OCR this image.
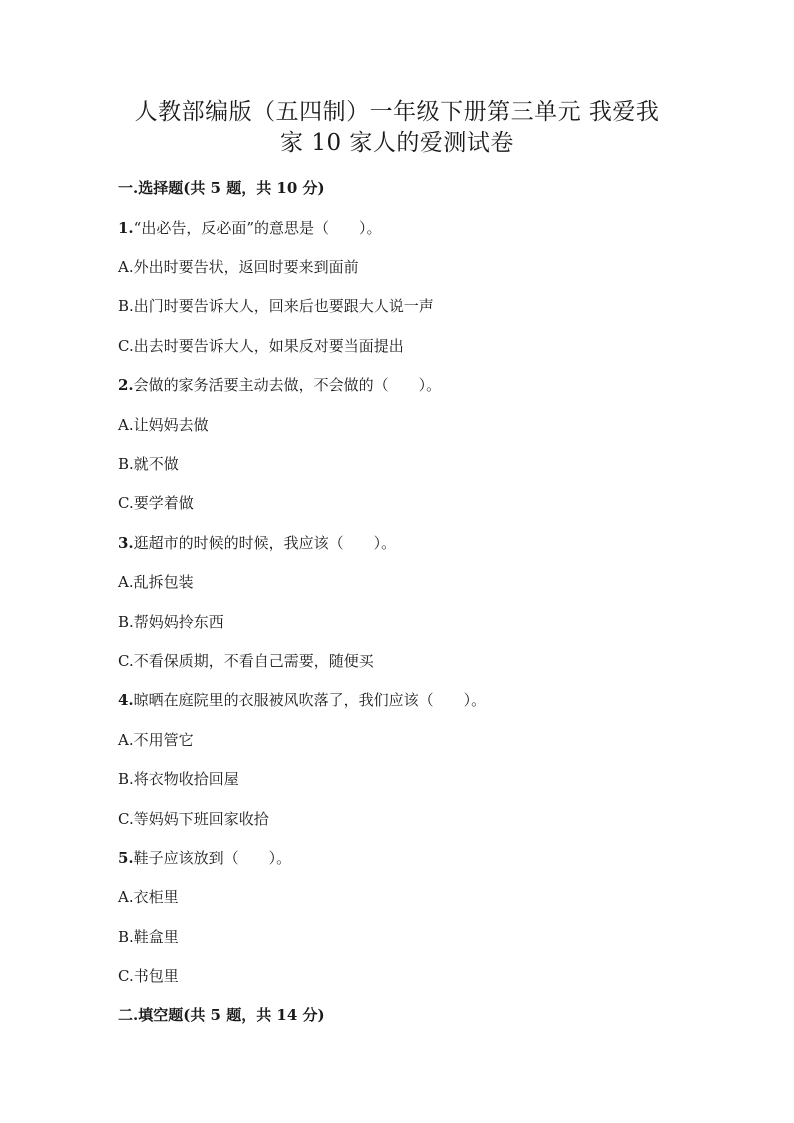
人教部编版（五四制）一年级下册第三单元 我爱我
家 10 家人的爱测试卷
一.选择题(共 5 题，共 10 分)
1.“出必告，反必面”的意思是（　　）。
A.外出时要告状，返回时要来到面前
B.出门时要告诉大人，回来后也要跟大人说一声
C.出去时要告诉大人，如果反对要当面提出
2.会做的家务活要主动去做，不会做的（　　）。
A.让妈妈去做
B.就不做
C.要学着做
3.逛超市的时候的时候，我应该（　　）。
A.乱拆包装
B.帮妈妈拎东西
C.不看保质期，不看自己需要，随便买
4.晾晒在庭院里的衣服被风吹落了，我们应该（　　）。
A.不用管它
B.将衣物收拾回屋
C.等妈妈下班回家收拾
5.鞋子应该放到（　　）。
A.衣柜里
B.鞋盒里
C.书包里
二.填空题(共 5 题，共 14 分)
